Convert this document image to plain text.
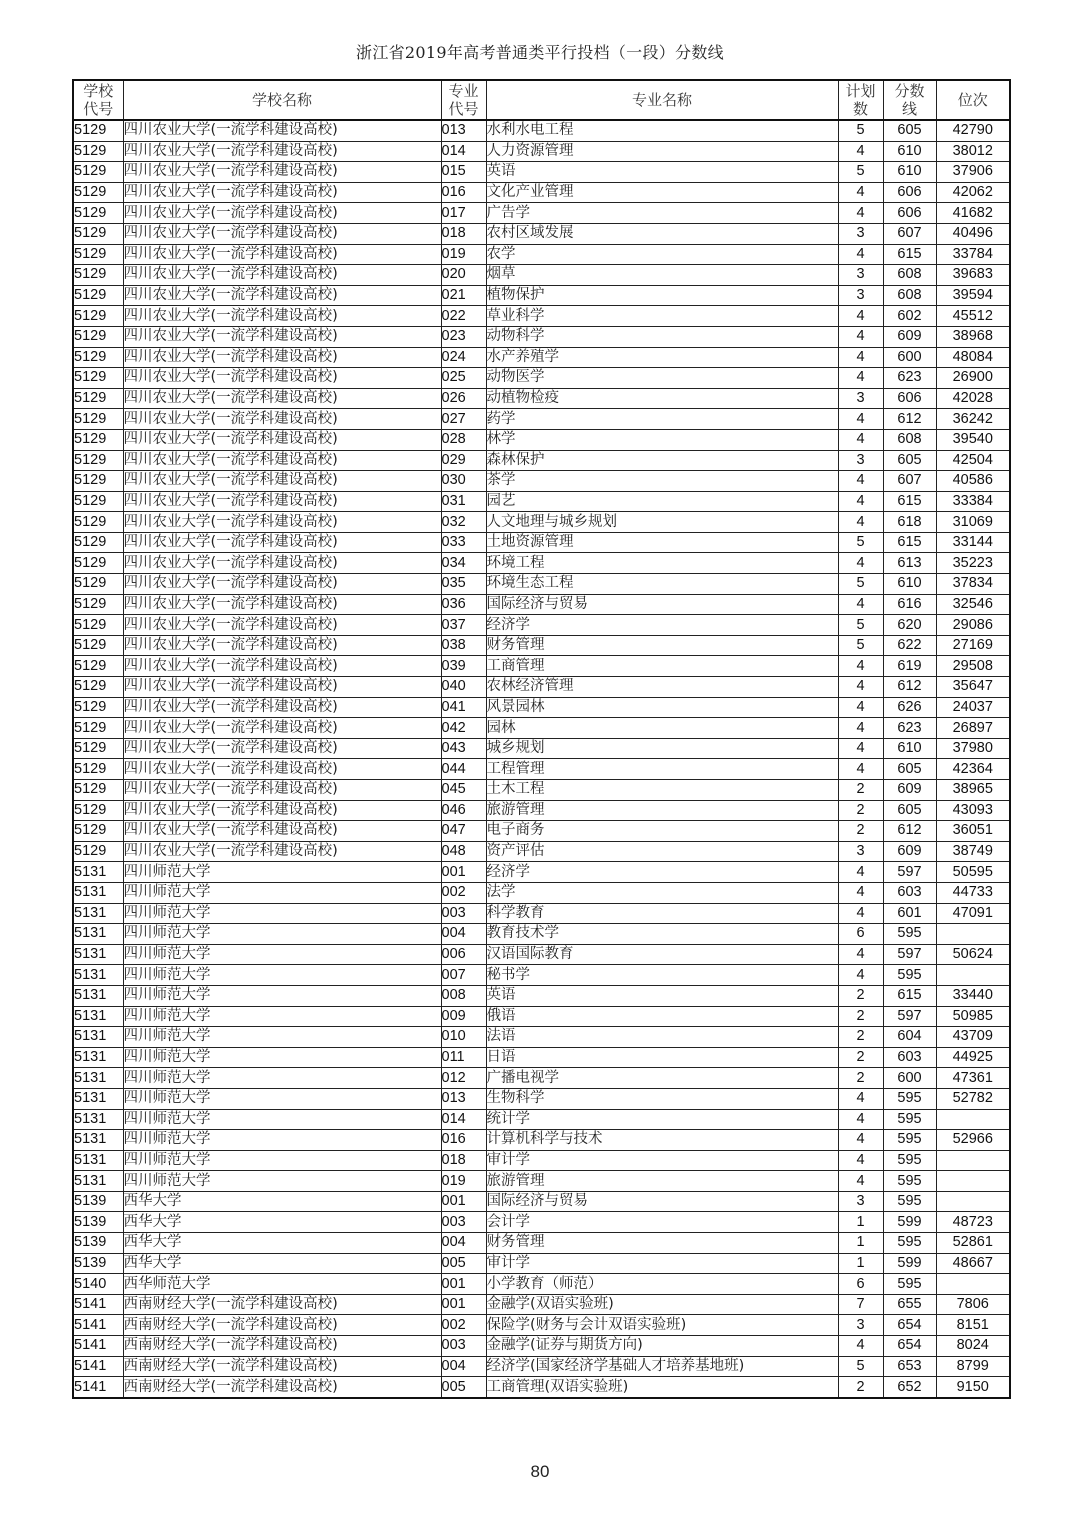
浙江省2019年高考普通类平行投档（一段）分数线
学校代号	学校名称	专业代号	专业名称	计划数	分数线	位次
5129	四川农业大学(一流学科建设高校)	013	水利水电工程	5	605	42790
5129	四川农业大学(一流学科建设高校)	014	人力资源管理	4	610	38012
5129	四川农业大学(一流学科建设高校)	015	英语	5	610	37906
5129	四川农业大学(一流学科建设高校)	016	文化产业管理	4	606	42062
5129	四川农业大学(一流学科建设高校)	017	广告学	4	606	41682
5129	四川农业大学(一流学科建设高校)	018	农村区域发展	3	607	40496
5129	四川农业大学(一流学科建设高校)	019	农学	4	615	33784
5129	四川农业大学(一流学科建设高校)	020	烟草	3	608	39683
5129	四川农业大学(一流学科建设高校)	021	植物保护	3	608	39594
5129	四川农业大学(一流学科建设高校)	022	草业科学	4	602	45512
5129	四川农业大学(一流学科建设高校)	023	动物科学	4	609	38968
5129	四川农业大学(一流学科建设高校)	024	水产养殖学	4	600	48084
5129	四川农业大学(一流学科建设高校)	025	动物医学	4	623	26900
5129	四川农业大学(一流学科建设高校)	026	动植物检疫	3	606	42028
5129	四川农业大学(一流学科建设高校)	027	药学	4	612	36242
5129	四川农业大学(一流学科建设高校)	028	林学	4	608	39540
5129	四川农业大学(一流学科建设高校)	029	森林保护	3	605	42504
5129	四川农业大学(一流学科建设高校)	030	茶学	4	607	40586
5129	四川农业大学(一流学科建设高校)	031	园艺	4	615	33384
5129	四川农业大学(一流学科建设高校)	032	人文地理与城乡规划	4	618	31069
5129	四川农业大学(一流学科建设高校)	033	土地资源管理	5	615	33144
5129	四川农业大学(一流学科建设高校)	034	环境工程	4	613	35223
5129	四川农业大学(一流学科建设高校)	035	环境生态工程	5	610	37834
5129	四川农业大学(一流学科建设高校)	036	国际经济与贸易	4	616	32546
5129	四川农业大学(一流学科建设高校)	037	经济学	5	620	29086
5129	四川农业大学(一流学科建设高校)	038	财务管理	5	622	27169
5129	四川农业大学(一流学科建设高校)	039	工商管理	4	619	29508
5129	四川农业大学(一流学科建设高校)	040	农林经济管理	4	612	35647
5129	四川农业大学(一流学科建设高校)	041	风景园林	4	626	24037
5129	四川农业大学(一流学科建设高校)	042	园林	4	623	26897
5129	四川农业大学(一流学科建设高校)	043	城乡规划	4	610	37980
5129	四川农业大学(一流学科建设高校)	044	工程管理	4	605	42364
5129	四川农业大学(一流学科建设高校)	045	土木工程	2	609	38965
5129	四川农业大学(一流学科建设高校)	046	旅游管理	2	605	43093
5129	四川农业大学(一流学科建设高校)	047	电子商务	2	612	36051
5129	四川农业大学(一流学科建设高校)	048	资产评估	3	609	38749
5131	四川师范大学	001	经济学	4	597	50595
5131	四川师范大学	002	法学	4	603	44733
5131	四川师范大学	003	科学教育	4	601	47091
5131	四川师范大学	004	教育技术学	6	595	
5131	四川师范大学	006	汉语国际教育	4	597	50624
5131	四川师范大学	007	秘书学	4	595	
5131	四川师范大学	008	英语	2	615	33440
5131	四川师范大学	009	俄语	2	597	50985
5131	四川师范大学	010	法语	2	604	43709
5131	四川师范大学	011	日语	2	603	44925
5131	四川师范大学	012	广播电视学	2	600	47361
5131	四川师范大学	013	生物科学	4	595	52782
5131	四川师范大学	014	统计学	4	595	
5131	四川师范大学	016	计算机科学与技术	4	595	52966
5131	四川师范大学	018	审计学	4	595	
5131	四川师范大学	019	旅游管理	4	595	
5139	西华大学	001	国际经济与贸易	3	595	
5139	西华大学	003	会计学	1	599	48723
5139	西华大学	004	财务管理	1	595	52861
5139	西华大学	005	审计学	1	599	48667
5140	西华师范大学	001	小学教育（师范）	6	595	
5141	西南财经大学(一流学科建设高校)	001	金融学(双语实验班)	7	655	7806
5141	西南财经大学(一流学科建设高校)	002	保险学(财务与会计双语实验班)	3	654	8151
5141	西南财经大学(一流学科建设高校)	003	金融学(证券与期货方向)	4	654	8024
5141	西南财经大学(一流学科建设高校)	004	经济学(国家经济学基础人才培养基地班)	5	653	8799
5141	西南财经大学(一流学科建设高校)	005	工商管理(双语实验班)	2	652	9150
80
